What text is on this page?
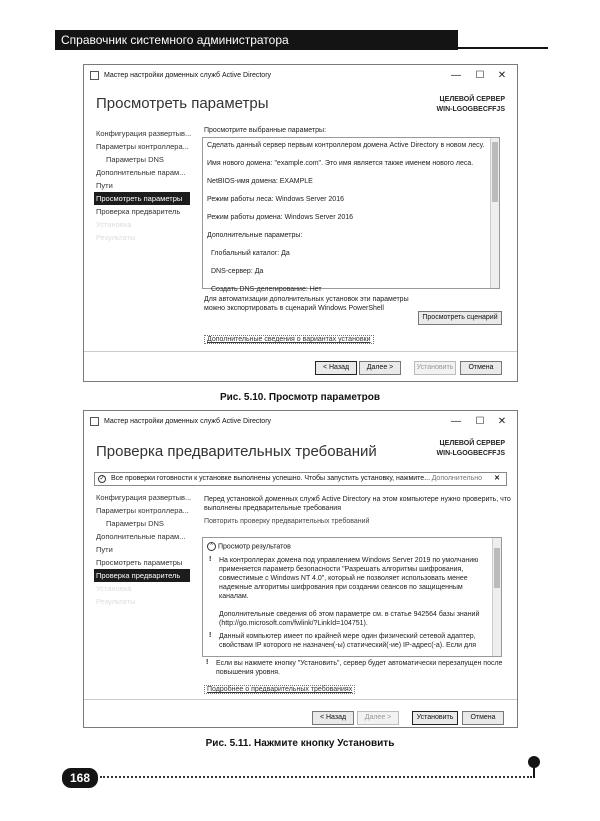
Справочник системного администратора
Мастер настройки доменных служб Active Directory	—	☐	✕
Просмотреть параметры	ЦЕЛЕВОЙ СЕРВЕР
WIN-LGOGBECFFJS
Конфигурация развертыв...
Параметры контроллера...
Параметры DNS
Дополнительные парам...
Пути
Просмотреть параметры
Проверка предваритель
Установка
Результаты
Просмотрите выбранные параметры:
Сделать данный сервер первым контроллером домена Active Directory в новом лесу.
Имя нового домена: "example.com". Это имя является также именем нового леса.
NetBIOS-имя домена: EXAMPLE
Режим работы леса: Windows Server 2016
Режим работы домена: Windows Server 2016
Дополнительные параметры:
Глобальный каталог: Да
DNS-сервер: Да
Создать DNS-делегирование: Нет
Для автоматизации дополнительных установок эти параметры
можно экспортировать в сценарий Windows PowerShell
Просмотреть сценарий
Дополнительные сведения о вариантах установки
< Назад	Далее >	Установить	Отмена
Рис. 5.10. Просмотр параметров
Мастер настройки доменных служб Active Directory	—	☐	✕
Проверка предварительных требований	ЦЕЛЕВОЙ СЕРВЕР
WIN-LGOGBECFFJS
✓ Все проверки готовности к установке выполнены успешно. Чтобы запустить установку, нажмите... Дополнительно ✕
Конфигурация развертыв...
Параметры контроллера...
Параметры DNS
Дополнительные парам...
Пути
Просмотреть параметры
Проверка предваритель
Установка
Результаты
Перед установкой доменных служб Active Directory на этом компьютере нужно проверить, что
выполнены предварительные требования
Повторить проверку предварительных требований
^ Просмотр результатов
! На контроллерах домена под управлением Windows Server 2019 по умолчанию
применяется параметр безопасности "Разрешать алгоритмы шифрования,
совместимые с Windows NT 4.0", который не позволяет использовать менее
надежные алгоритмы шифрования при создании сеансов по защищенным
каналам.
Дополнительные сведения об этом параметре см. в статье 942564 базы знаний
(http://go.microsoft.com/fwlink/?LinkId=104751).
! Данный компьютер имеет по крайней мере один физический сетевой адаптер,
свойствам IP которого не назначен(-ы) статический(-ие) IP-адрес(-а). Если для
! Если вы нажмете кнопку "Установить", сервер будет автоматически перезапущен после
повышения уровня.
Подробнее о предварительных требованиях
< Назад	Далее >	Установить	Отмена
Рис. 5.11. Нажмите кнопку Установить
168
